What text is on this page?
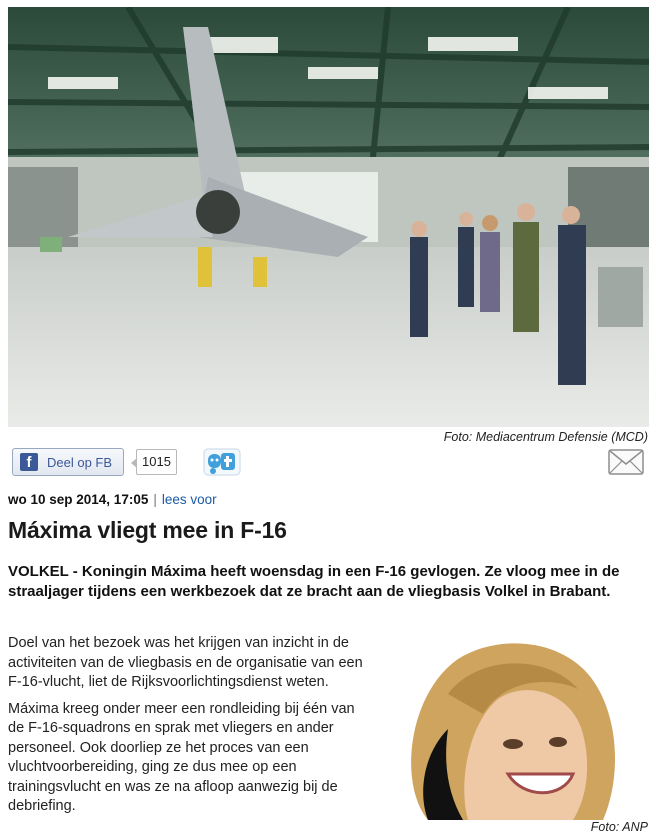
Foto: Mediacentrum Defensie (MCD)
f	Deel op FB	1015
wo 10 sep 2014, 17:05 | lees voor
Máxima vliegt mee in F-16

VOLKEL - Koningin Máxima heeft woensdag in een F-16 gevlogen. Ze vloog mee in de straaljager tijdens een werkbezoek dat ze bracht aan de vliegbasis Volkel in Brabant.

Doel van het bezoek was het krijgen van inzicht in de activiteiten van de vliegbasis en de organisatie van een F-16-vlucht, liet de Rijksvoorlichtingsdienst weten.

Máxima kreeg onder meer een rondleiding bij één van de F-16-squadrons en sprak met vliegers en ander personeel. Ook doorliep ze het proces van een vluchtvoorbereiding, ging ze dus mee op een trainingsvlucht en was ze na afloop aanwezig bij de debriefing.

Foto: ANP
